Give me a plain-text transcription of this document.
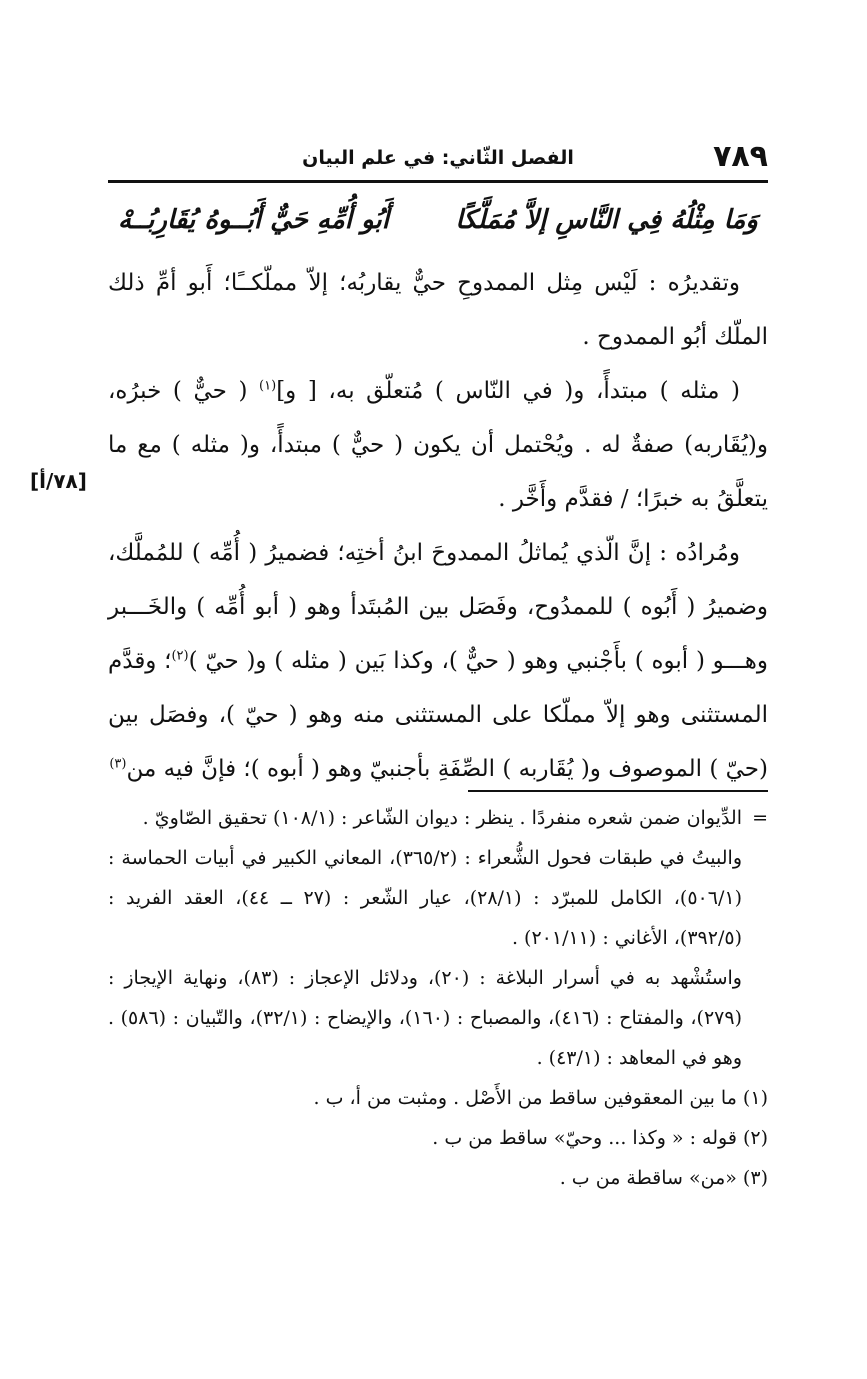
٧٨٩
الفصل الثّاني: في علم البيان
وَمَا مِثْلُهُ فِي النَّاسِ إلاَّ مُمَلَّكًا
أَبُو أُمِّهِ حَيٌّ أَبُــوهُ يُقَارِبُــهْ

وتقديرُه : لَيْس مِثل الممدوحِ حيٌّ يقاربُه؛ إلاّ مملّكــًا؛ أَبو أمِّ ذلك الملّك أبُو الممدوح .

( مثله ) مبتدأً، و( في النّاس ) مُتعلّق به، [ و]$^{(١)}$ ( حيٌّ ) خبرُه، و(يُقَاربه) صفةٌ له . ويُحْتمل أن يكون ( حيٌّ ) مبتدأً، و( مثله ) مع ما يتعلَّقُ به خبرًا؛ / فقدَّم وأَخَّر .

ومُرادُه : إنَّ الّذي يُماثلُ الممدوحَ ابنُ أختِه؛ فضميرُ ( أُمِّه ) للمُملَّك، وضميرُ ( أَبُوه ) للممدُوح، وفَصَل بين المُبتَدأ وهو ( أبو أُمِّه ) والخَـــبر وهـــو ( أبوه ) بأَجْنبي وهو ( حيٌّ )، وكذا بَين ( مثله ) و( حيّ )$^{(٢)}$؛ وقدَّم المستثنى وهو إلاّ مملّكا على المستثنى منه وهو ( حيّ )، وفصَل بين (حيّ ) الموصوف و( يُقَاربه ) الصِّفَةِ بأجنبيّ وهو ( أبوه )؛ فإنَّ فيه من$^{(٣)}$

[٧٨/أ]
=
الدِّيوان ضمن شعره منفردًا . ينظر : ديوان الشّاعر : (١٠٨/١) تحقيق الصّاويّ .
والبيتُ في طبقات فحول الشُّعراء : (٣٦٥/٢)، المعاني الكبير في أبيات الحماسة : (٥٠٦/١)، الكامل للمبرّد : (٢٨/١)، عيار الشّعر : (٢٧ ــ ٤٤)، العقد الفريد : (٣٩٢/٥)، الأغاني : (٢٠١/١١) .
واستُشْهد به في أسرار البلاغة : (٢٠)، ودلائل الإعجاز : (٨٣)، ونهاية الإيجاز : (٢٧٩)، والمفتاح : (٤١٦)، والمصباح : (١٦٠)، والإيضاح : (٣٢/١)، والتّبيان : (٥٨٦) . وهو في المعاهد : (٤٣/١) .

(١) ما بين المعقوفين ساقط من الأَصْل . ومثبت من أ، ب .

(٢) قوله : « وكذا ... وحيّ» ساقط من ب .

(٣) «من» ساقطة من ب .
